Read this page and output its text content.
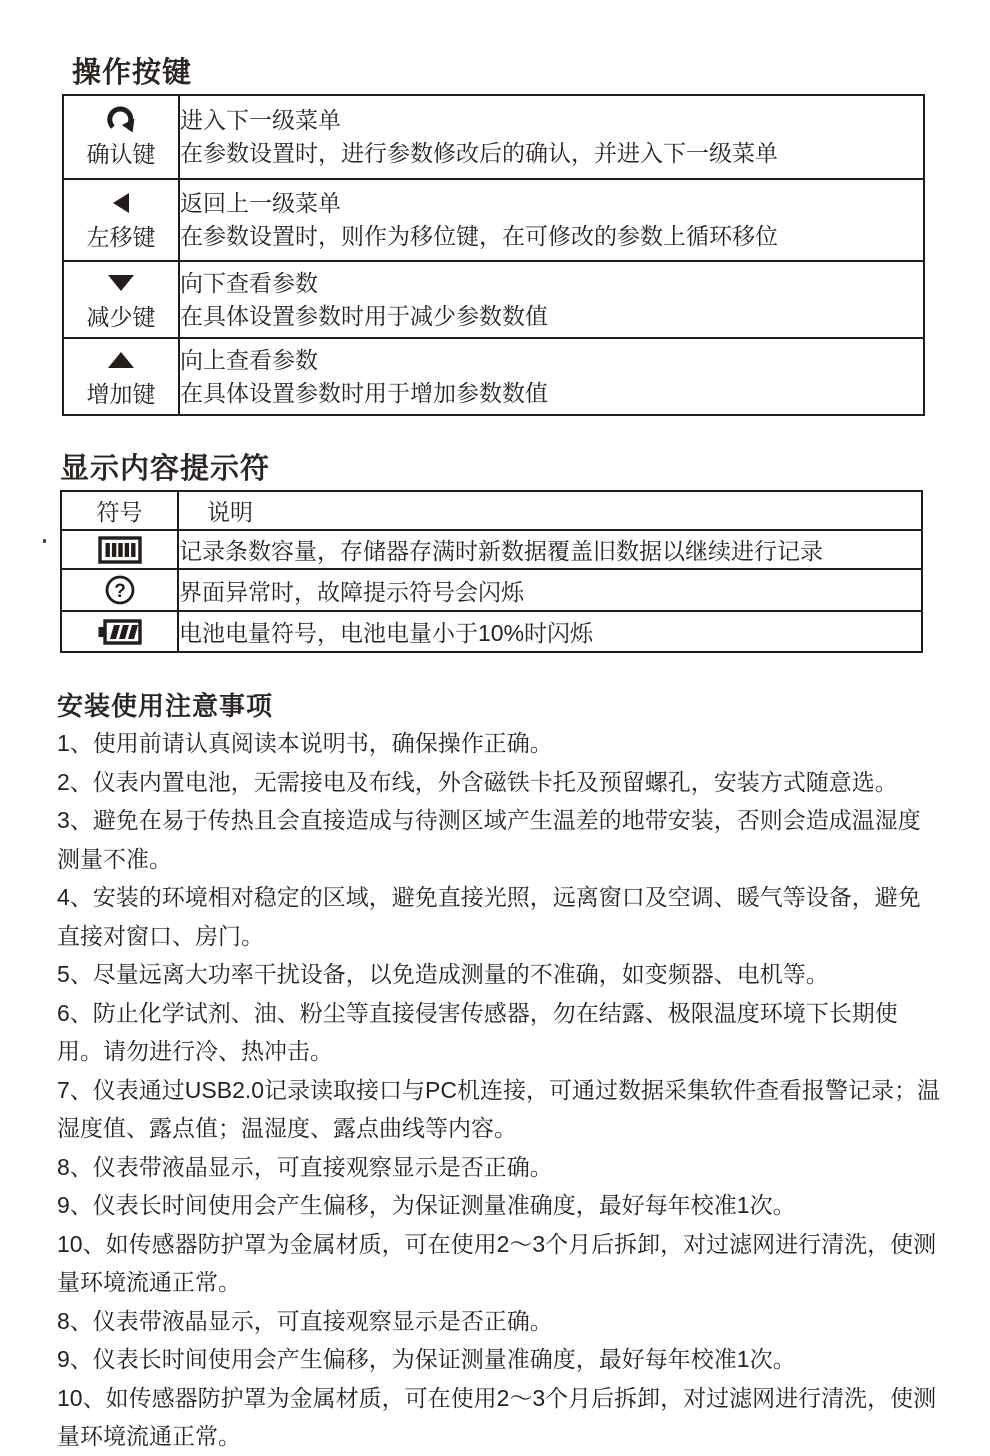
操作按键
确认键	进入下一级菜单
在参数设置时，进行参数修改后的确认，并进入下一级菜单

左移键	返回上一级菜单
在参数设置时，则作为移位键，在可修改的参数上循环移位

减少键	向下查看参数
在具体设置参数时用于减少参数数值

增加键	向上查看参数
在具体设置参数时用于增加参数数值
显示内容提示符
符号	说明
	记录条数容量，存储器存满时新数据覆盖旧数据以继续进行记录

?	界面异常时，故障提示符号会闪烁
	电池电量符号，电池电量小于10%时闪烁
安装使用注意事项

1、使用前请认真阅读本说明书，确保操作正确。

2、仪表内置电池，无需接电及布线，外含磁铁卡托及预留螺孔，安装方式随意选。

3、避免在易于传热且会直接造成与待测区域产生温差的地带安装，否则会造成温湿度测量不准。

4、安装的环境相对稳定的区域，避免直接光照，远离窗口及空调、暖气等设备，避免直接对窗口、房门。

5、尽量远离大功率干扰设备，以免造成测量的不准确，如变频器、电机等。

6、防止化学试剂、油、粉尘等直接侵害传感器，勿在结露、极限温度环境下长期使用。请勿进行冷、热冲击。

7、仪表通过USB2.0记录读取接口与PC机连接，可通过数据采集软件查看报警记录；温湿度值、露点值；温湿度、露点曲线等内容。

8、仪表带液晶显示，可直接观察显示是否正确。

9、仪表长时间使用会产生偏移，为保证测量准确度，最好每年校准1次。

10、如传感器防护罩为金属材质，可在使用2～3个月后拆卸，对过滤网进行清洗，使测量环境流通正常。

8、仪表带液晶显示，可直接观察显示是否正确。

9、仪表长时间使用会产生偏移，为保证测量准确度，最好每年校准1次。

10、如传感器防护罩为金属材质，可在使用2～3个月后拆卸，对过滤网进行清洗，使测量环境流通正常。
